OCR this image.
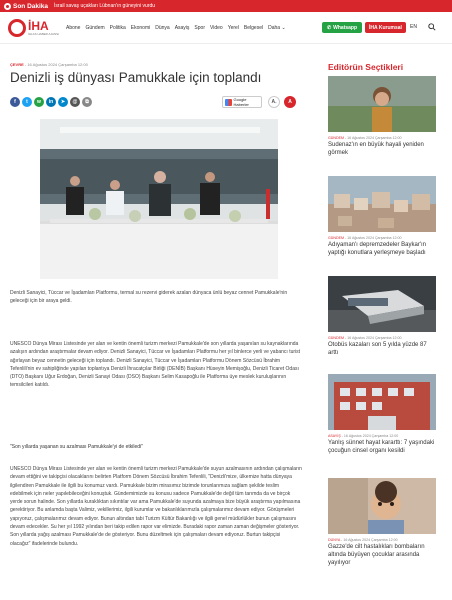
Son Dakika İsrail savaş uçakları Lübnan'ın güneyini vurdu
İHA
İHLAS HABER AJANSI
Abone Gündem Politika Ekonomi Dünya Asayiş Spor Video Yerel Belgesel Daha ⌄	✆ Whatsapp İHA Kurumsal EN
ÇEVRE - 16 Ağustos 2024 Çarşamba 12:00
Denizli iş dünyası Pamukkale için toplandı
f	t	w	in	➤	@	⧉	Google Haberler	A -	A

Denizli Sanayici, Tüccar ve İşadamları Platformu, termal su rezervi giderek azalan dünyaca ünlü beyaz cennet Pamukkale'nin geleceği için bir araya geldi.

UNESCO Dünya Mirası Listesinde yer alan ve kentin önemli turizm merkezi Pamukkale'de son yıllarda yaşanılan su kaynaklarında azalışın ardından araştırmalar devam ediyor. Denizli Sanayici, Tüccar ve İşadamları Platformu her yıl binlerce yerli ve yabancı turist ağırlayan beyaz cennetin geleceği için toplandı. Denizli Sanayici, Tüccar ve İşadamları Platformu Dönem Sözcüsü İbrahim Tefenlili'nin ev sahipliğinde yapılan toplantıya Denizli İhracatçılar Birliği (DENİB) Başkanı Hüseyin Memişoğlu, Denizli Ticaret Odası (DTO) Başkanı Uğur Erdoğan, Denizli Sanayi Odası (DSO) Başkanı Selim Kasapoğlu ile Platforma üye meslek kuruluşlarının temsilcileri katıldı.

"Son yıllarda yaşanan su azalması Pamukkale'yi de etkiledi"

UNESCO Dünya Mirası Listesinde yer alan ve kentin önemli turizm merkezi Pamukkale'de suyun azalmasının ardından çalışmaların devam ettiğini ve takipçisi olacaklarını belirten Platform Dönem Sözcüsü İbrahim Tefenlili, "Denizli'mize, ülkemize hatta dünyaya ilgilendiren Pamukkale ile ilgili bu konumuz vardı. Pamukkale bizim mirasımız bizimde torunlarımıza sağlam şekilde teslim edebilmek için neler yapılebileceğini konuştuk. Gündemimizde su konusu sadece Pamukkale'de değil tüm tarımda da ve birçok yerde sorun halinde. Son yıllarda kuraklıktan sıkıntılar var ama Pamukkale'de suyunda azalmaya bize büyük araştırma yapılmasına gerektiriyor. Bu anlamda başta Valimiz, vekillerimiz, ilgili kurumlar ve bakanlıklarımızla çalışmalarımız devam ediyor. Görüşmeleri yapıyoruz, çalışmalarımız devam ediyor. Bunun altından tabi Turizm Kültür Bakanlığı ve ilgili genel müdürlükler bunun çalışmasını devam edecekler. Su her yıl 1992 yılından beri takip edilen rapor var elimizde. Buradaki rapor zaman zaman değişmeler gösteriyor. Son yıllarda yağış azalması Pamukkale'de de gösteriyor. Bunu düzeltmek için çalışmaları devam ediyoruz. Burtun takipçisi olacağız" ifadelerinde bulundu.

Editörün Seçtikleri
GÜNDEM - 16 Ağustos 2024 Çarşamba 12:00
Sudenaz'ın en büyük hayali yeniden görmek
GÜNDEM - 16 Ağustos 2024 Çarşamba 12:00
Adıyaman'ı depremzedeler Baykar'ın yaptığı konutlara yerleşmeye başladı
GÜNDEM - 16 Ağustos 2024 Çarşamba 12:00
Otobüs kazaları son 5 yılda yüzde 87 arttı
ASAYİŞ - 16 Ağustos 2024 Çarşamba 12:00
Yanlış sünnet hayat kararttı: 7 yaşındaki çocuğun cinsel organı kesildi
DÜNYA - 16 Ağustos 2024 Çarşamba 12:00
Gazze'de cilt hastalıkları bombaların altında büyüyen çocuklar arasında yayılıyor
